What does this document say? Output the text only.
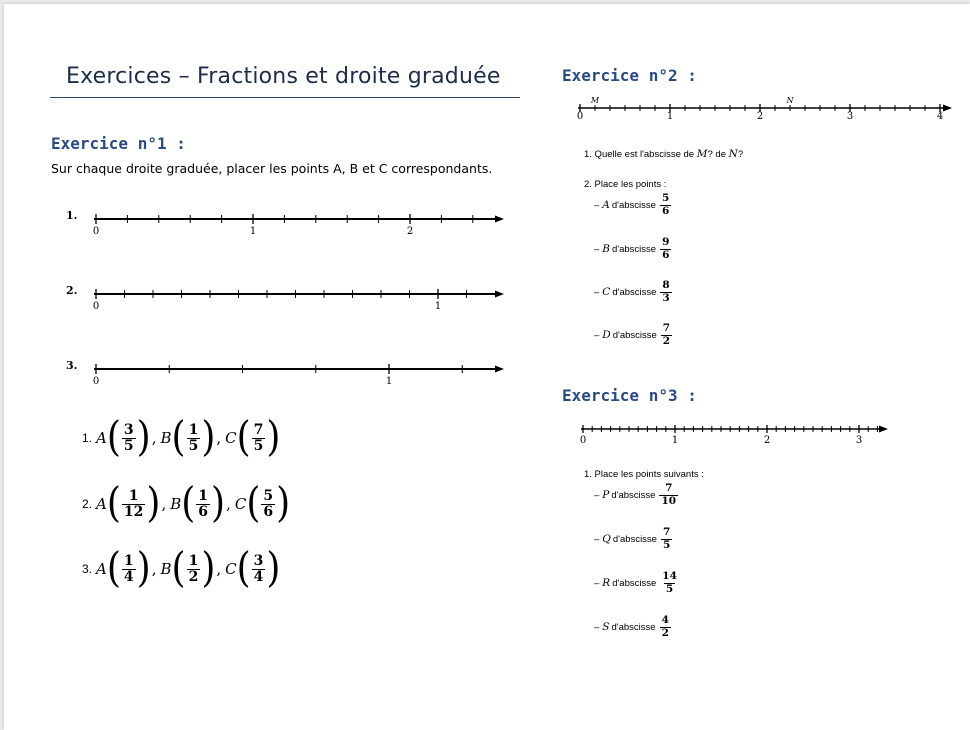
Exercices – Fractions et droite graduée
Exercice n°1 :
Sur chaque droite graduée, placer les points A, B et C correspondants.
1.
0	1	2
2.
0	1
3.
0	1
1. A ( $\frac{3}{5}$ ) , B ( $\frac{1}{5}$ ) , C ( $\frac{7}{5}$ )
2. A ( $\frac{1}{12}$ ) , B ( $\frac{1}{6}$ ) , C ( $\frac{5}{6}$ )
3. A ( $\frac{1}{4}$ ) , B ( $\frac{1}{2}$ ) , C ( $\frac{3}{4}$ )
Exercice n°2 :
0	1	2	3	4
M	N
1. Quelle est l'abscisse de M? de N?
2. Place les points :
– A d'abscisse
5
6
– B d'abscisse
9
6
– C d'abscisse
8
3
– D d'abscisse
7
2
Exercice n°3 :
0	1	2	3
1. Place les points suivants :
– P d'abscisse
7
10
– Q d'abscisse
7
5
– R d'abscisse
14
5
– S d'abscisse
4
2
